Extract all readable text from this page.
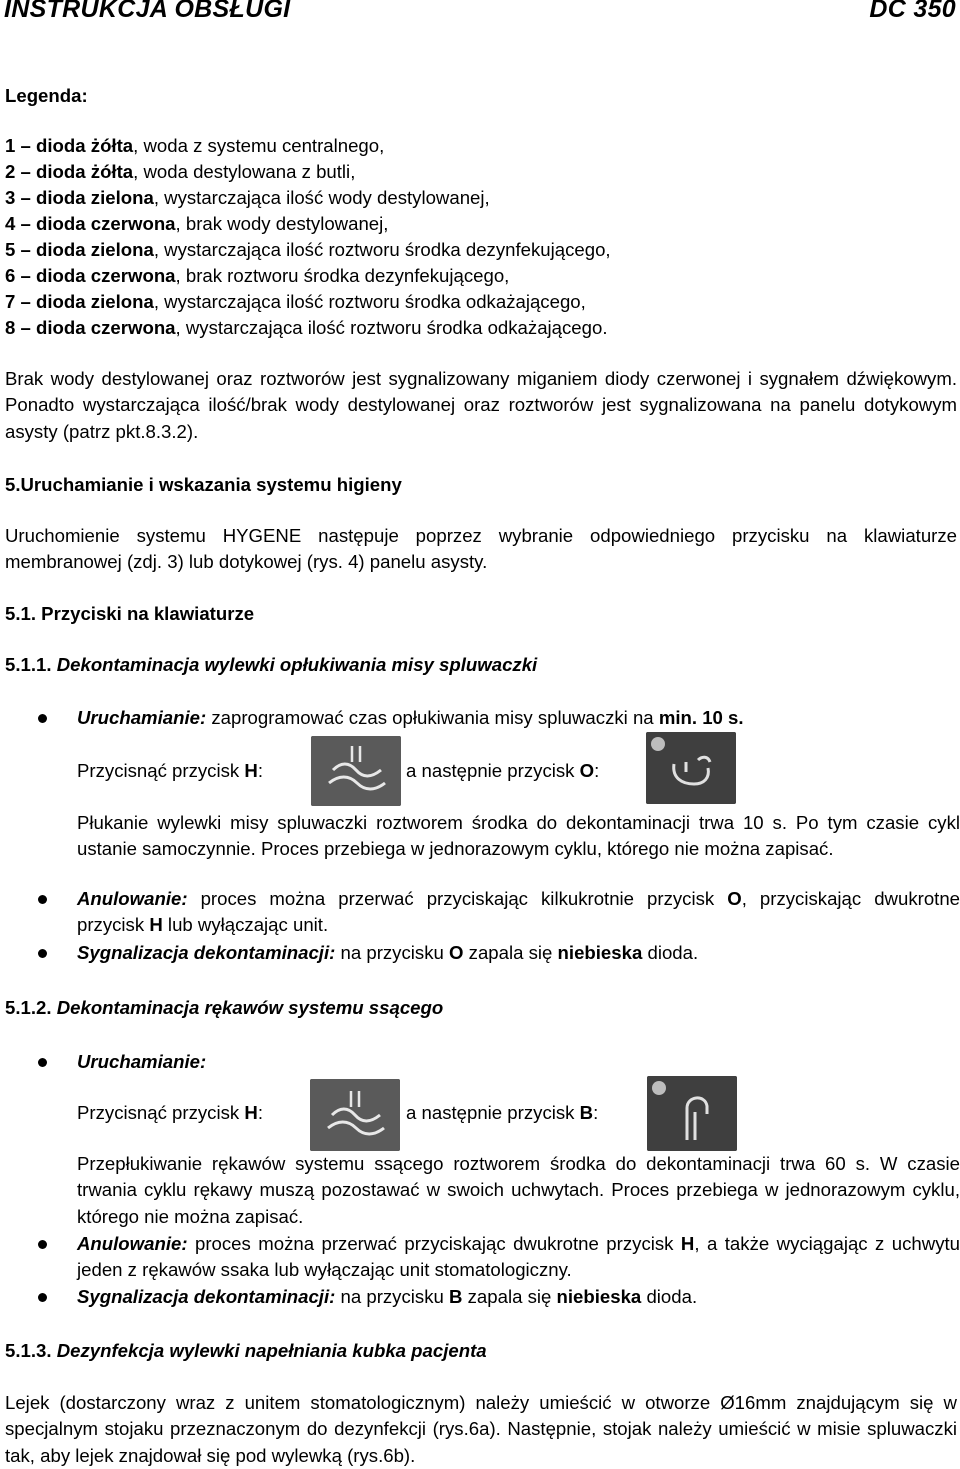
INSTRUKCJA OBSŁUGI	DC 350
Legenda:
1 – dioda żółta, woda z systemu centralnego,
2 – dioda żółta, woda destylowana z butli,
3 – dioda zielona, wystarczająca ilość wody destylowanej,
4 – dioda czerwona, brak wody destylowanej,
5 – dioda zielona, wystarczająca ilość roztworu środka dezynfekującego,
6 – dioda czerwona, brak roztworu środka dezynfekującego,
7 – dioda zielona, wystarczająca ilość roztworu środka odkażającego,
8 – dioda czerwona, wystarczająca ilość roztworu środka odkażającego.
Brak wody destylowanej oraz roztworów jest sygnalizowany miganiem diody czerwonej i sygnałem dźwiękowym. Ponadto wystarczająca ilość/brak wody destylowanej oraz roztworów jest sygnalizowana na panelu dotykowym asysty (patrz pkt.8.3.2).
5.Uruchamianie i wskazania systemu higieny
Uruchomienie systemu HYGENE następuje poprzez wybranie odpowiedniego przycisku na klawiaturze membranowej (zdj. 3) lub dotykowej (rys. 4) panelu asysty.
5.1. Przyciski na klawiaturze
5.1.1. Dekontaminacja wylewki opłukiwania misy spluwaczki
Uruchamianie: zaprogramować czas opłukiwania misy spluwaczki na min. 10 s.
Przycisnąć przycisk H:	a następnie przycisk O:
Płukanie wylewki misy spluwaczki roztworem środka do dekontaminacji trwa 10 s. Po tym czasie cykl ustanie samoczynnie. Proces przebiega w jednorazowym cyklu, którego nie można zapisać.
Anulowanie: proces można przerwać przyciskając kilkukrotnie przycisk O, przyciskając dwukrotne przycisk H lub wyłączając unit.
Sygnalizacja dekontaminacji: na przycisku O zapala się niebieska dioda.
5.1.2. Dekontaminacja rękawów systemu ssącego
Uruchamianie:
Przycisnąć przycisk H:	a następnie przycisk B:
Przepłukiwanie rękawów systemu ssącego roztworem środka do dekontaminacji trwa 60 s. W czasie trwania cyklu rękawy muszą pozostawać w swoich uchwytach. Proces przebiega w jednorazowym cyklu, którego nie można zapisać.
Anulowanie: proces można przerwać przyciskając dwukrotne przycisk H, a także wyciągając z uchwytu jeden z rękawów ssaka lub wyłączając unit stomatologiczny.
Sygnalizacja dekontaminacji: na przycisku B zapala się niebieska dioda.
5.1.3. Dezynfekcja wylewki napełniania kubka pacjenta
Lejek (dostarczony wraz z unitem stomatologicznym) należy umieścić w otworze Ø16mm znajdującym się w specjalnym stojaku przeznaczonym do dezynfekcji (rys.6a). Następnie, stojak należy umieścić w misie spluwaczki tak, aby lejek znajdował się pod wylewką (rys.6b).
